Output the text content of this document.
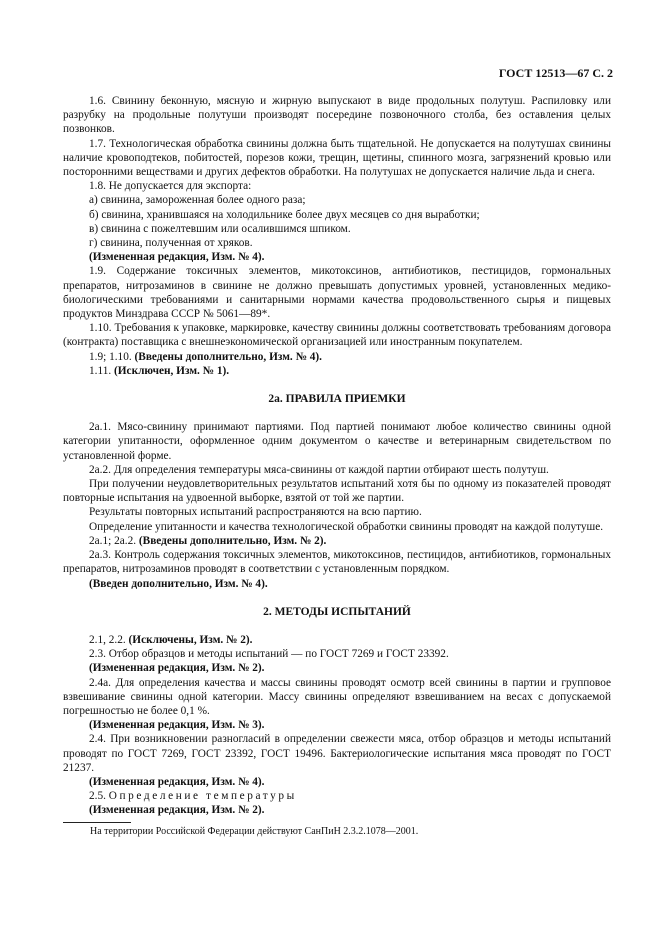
ГОСТ 12513—67 С. 2

1.6. Свинину беконную, мясную и жирную выпускают в виде продольных полутуш. Распиловку или разрубку на продольные полутуши производят посередине позвоночного столба, без оставления целых позвонков.

1.7. Технологическая обработка свинины должна быть тщательной. Не допускается на полутушах свинины наличие кровоподтеков, побитостей, порезов кожи, трещин, щетины, спинного мозга, загрязнений кровью или посторонними веществами и других дефектов обработки. На полутушах не допускается наличие льда и снега.

1.8. Не допускается для экспорта:

а) свинина, замороженная более одного раза;

б) свинина, хранившаяся на холодильнике более двух месяцев со дня выработки;

в) свинина с пожелтевшим или осалившимся шпиком.

г) свинина, полученная от хряков.

(Измененная редакция, Изм. № 4).

1.9. Содержание токсичных элементов, микотоксинов, антибиотиков, пестицидов, гормональных препаратов, нитрозаминов в свинине не должно превышать допустимых уровней, установленных медико-биологическими требованиями и санитарными нормами качества продовольственного сырья и пищевых продуктов Минздрава СССР № 5061—89*.

1.10. Требования к упаковке, маркировке, качеству свинины должны соответствовать требованиям договора (контракта) поставщика с внешнеэкономической организацией или иностранным покупателем.

1.9; 1.10. (Введены дополнительно, Изм. № 4).

1.11. (Исключен, Изм. № 1).

2а. ПРАВИЛА ПРИЕМКИ

2а.1. Мясо-свинину принимают партиями. Под партией понимают любое количество свинины одной категории упитанности, оформленное одним документом о качестве и ветеринарным свидетельством по установленной форме.

2а.2. Для определения температуры мяса-свинины от каждой партии отбирают шесть полутуш.

При получении неудовлетворительных результатов испытаний хотя бы по одному из показателей проводят повторные испытания на удвоенной выборке, взятой от той же партии.

Результаты повторных испытаний распространяются на всю партию.

Определение упитанности и качества технологической обработки свинины проводят на каждой полутуше.

2а.1; 2а.2. (Введены дополнительно, Изм. № 2).

2а.3. Контроль содержания токсичных элементов, микотоксинов, пестицидов, антибиотиков, гормональных препаратов, нитрозаминов проводят в соответствии с установленным порядком.

(Введен дополнительно, Изм. № 4).

2. МЕТОДЫ ИСПЫТАНИЙ

2.1, 2.2. (Исключены, Изм. № 2).

2.3. Отбор образцов и методы испытаний — по ГОСТ 7269 и ГОСТ 23392.

(Измененная редакция, Изм. № 2).

2.4а. Для определения качества и массы свинины проводят осмотр всей свинины в партии и групповое взвешивание свинины одной категории. Массу свинины определяют взвешиванием на весах с допускаемой погрешностью не более 0,1 %.

(Измененная редакция, Изм. № 3).

2.4. При возникновении разногласий в определении свежести мяса, отбор образцов и методы испытаний проводят по ГОСТ 7269, ГОСТ 23392, ГОСТ 19496. Бактериологические испытания мяса проводят по ГОСТ 21237.

(Измененная редакция, Изм. № 4).

2.5. Определение температуры

(Измененная редакция, Изм. № 2).

На территории Российской Федерации действуют СанПиН 2.3.2.1078—2001.
